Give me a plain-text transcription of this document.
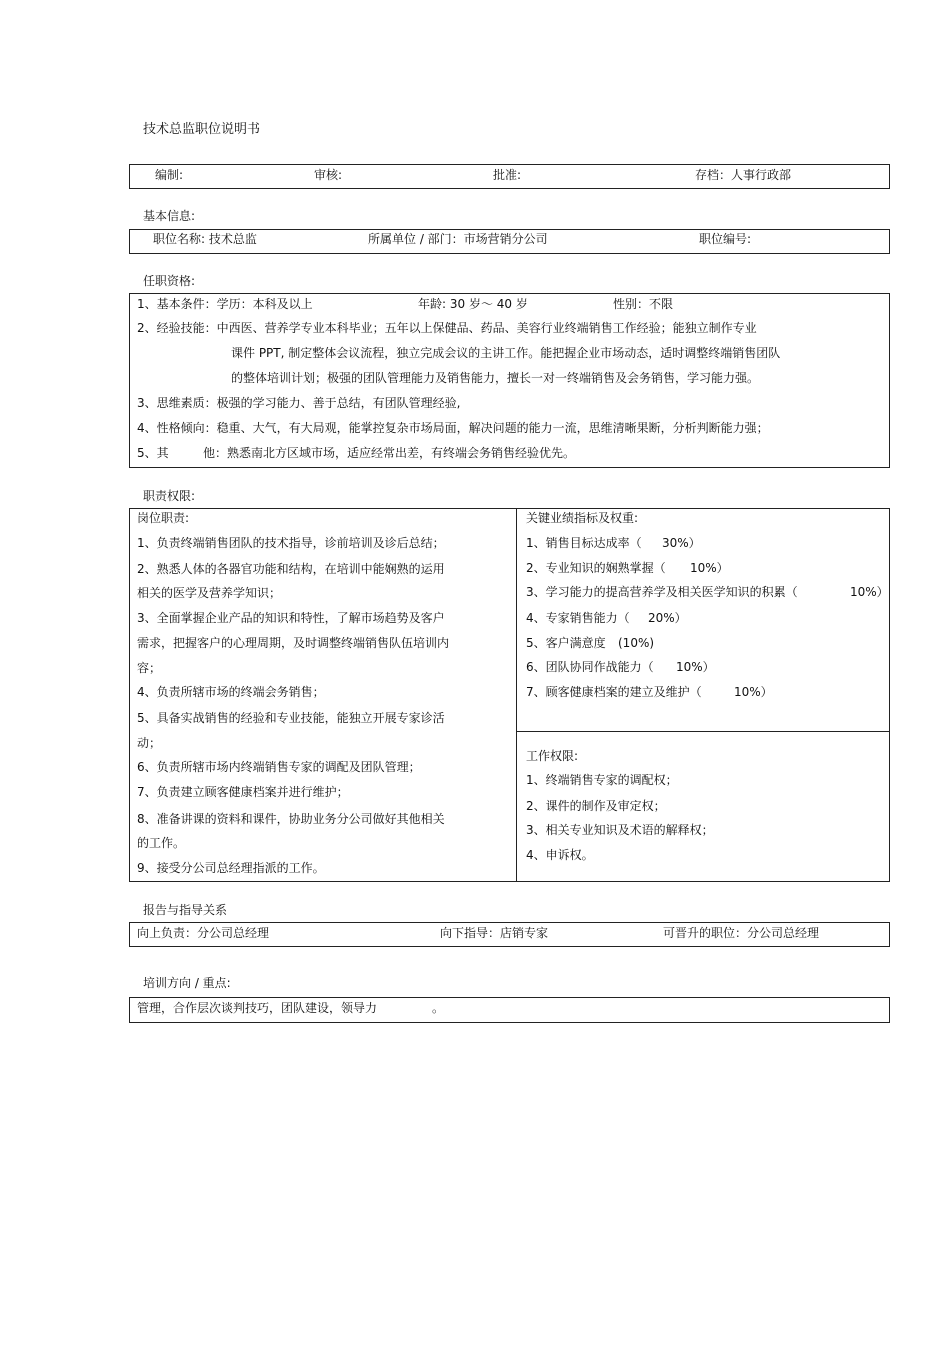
技术总监职位说明书
编制:	审核:	批准:	存档：人事行政部
基本信息:
职位名称: 技术总监	所属单位 / 部门：市场营销分公司	职位编号:
任职资格:
1、基本条件：学历：本科及以上	年龄: 30 岁～ 40 岁	性别：不限
2、经验技能：中西医、营养学专业本科毕业；五年以上保健品、药品、美容行业终端销售工作经验；能独立制作专业
课件 PPT, 制定整体会议流程，独立完成会议的主讲工作。能把握企业市场动态，适时调整终端销售团队
的整体培训计划；极强的团队管理能力及销售能力，擅长一对一终端销售及会务销售，学习能力强。
3、思维素质：极强的学习能力、善于总结，有团队管理经验,
4、性格倾向：稳重、大气，有大局观，能掌控复杂市场局面，解决问题的能力一流，思维清晰果断，分析判断能力强；
5、其	他：熟悉南北方区域市场，适应经常出差，有终端会务销售经验优先。
职责权限:
岗位职责:
1、负责终端销售团队的技术指导，诊前培训及诊后总结；
2、熟悉人体的各器官功能和结构，在培训中能娴熟的运用
相关的医学及营养学知识；
3、全面掌握企业产品的知识和特性，了解市场趋势及客户
需求，把握客户的心理周期，及时调整终端销售队伍培训内
容；
4、负责所辖市场的终端会务销售；
5、具备实战销售的经验和专业技能，能独立开展专家诊活
动；
6、负责所辖市场内终端销售专家的调配及团队管理；
7、负责建立顾客健康档案并进行维护；
8、准备讲课的资料和课件，协助业务分公司做好其他相关
的工作。
9、接受分公司总经理指派的工作。
关键业绩指标及权重:
1、销售目标达成率（ 30%）
2、专业知识的娴熟掌握（ 10%）
3、学习能力的提高营养学及相关医学知识的积累（	10%）
4、专家销售能力（ 20%）
5、客户满意度 (10%)
6、团队协同作战能力（ 10%）
7、顾客健康档案的建立及维护（	10%）
工作权限:
1、终端销售专家的调配权；
2、课件的制作及审定权；
3、相关专业知识及术语的解释权；
4、申诉权。
报告与指导关系
向上负责：分公司总经理	向下指导：店销专家	可晋升的职位：分公司总经理
培训方向 / 重点:
管理，合作层次谈判技巧，团队建设，领导力	。
